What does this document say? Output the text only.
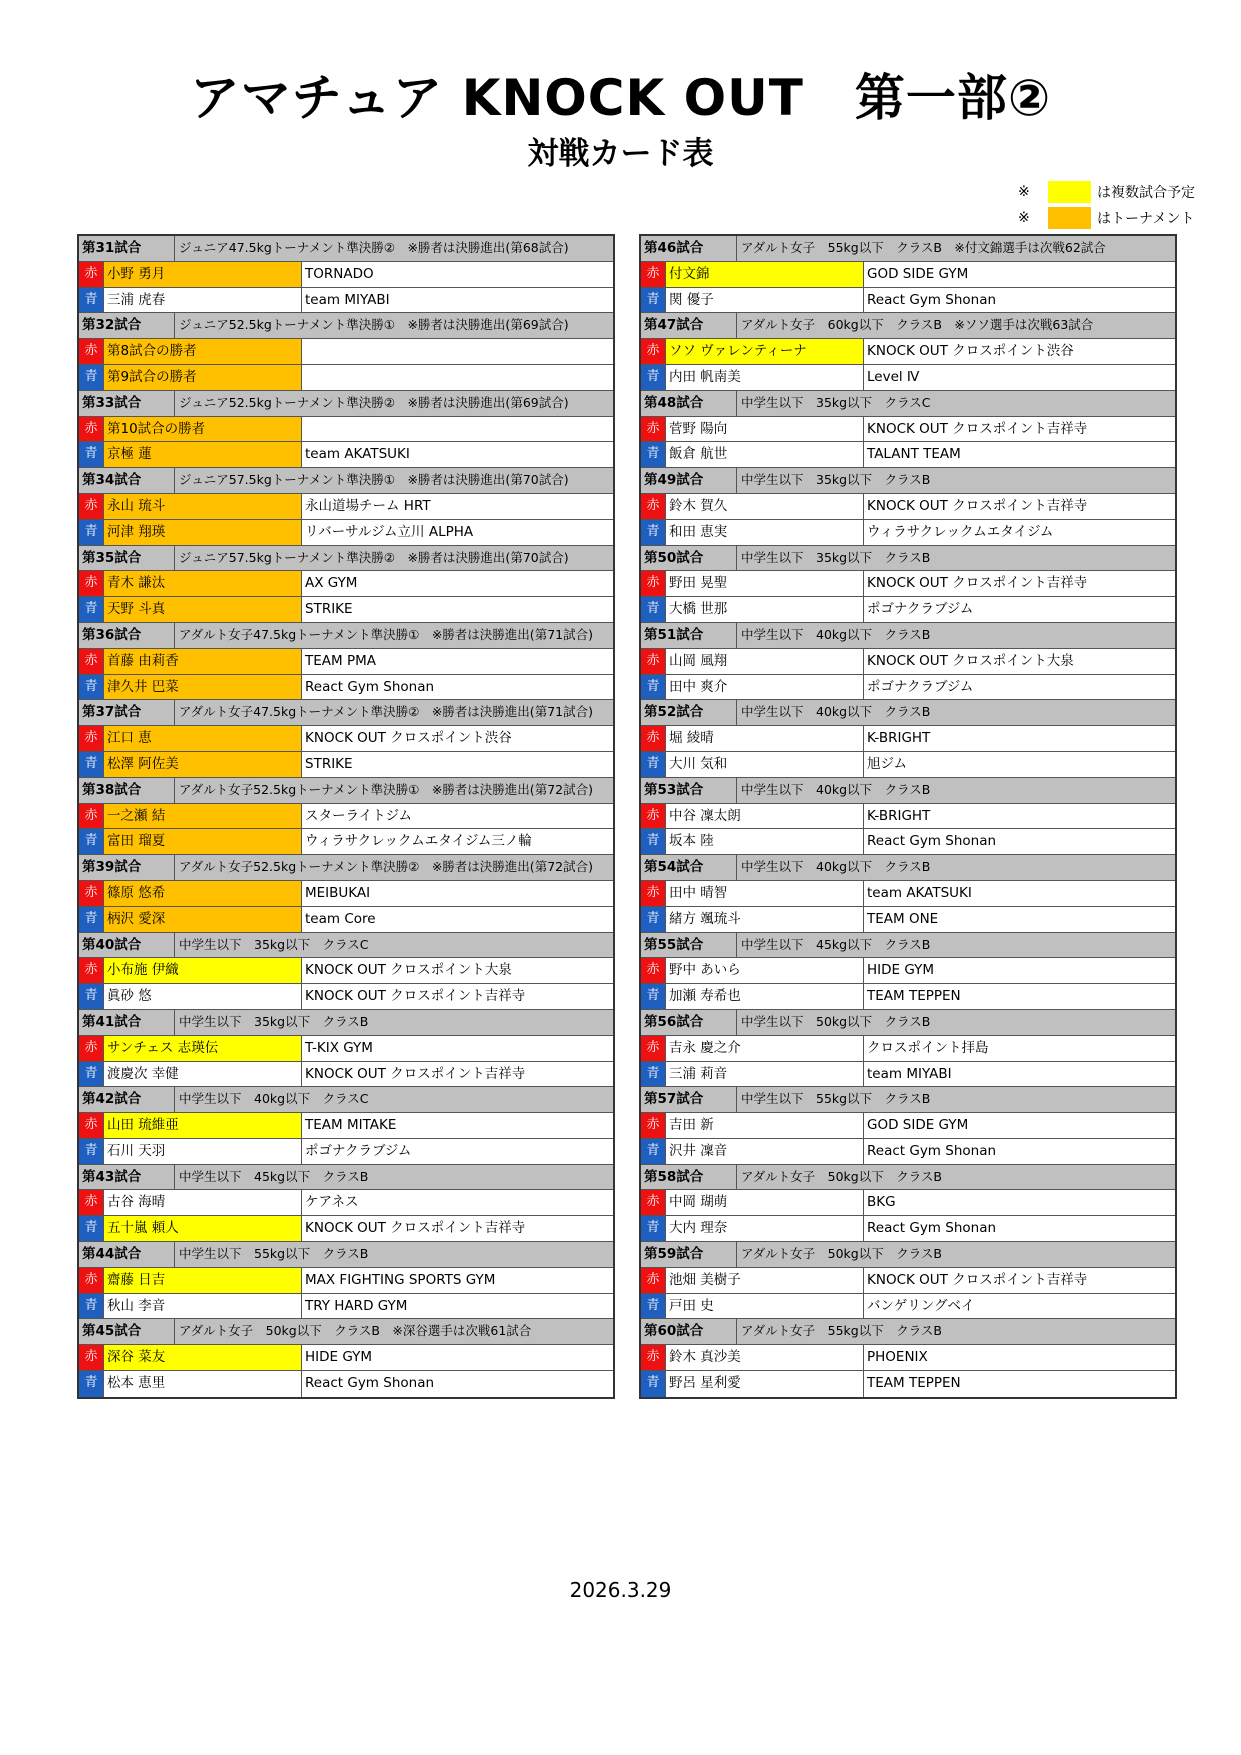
アマチュア KNOCK OUT　第一部②
対戦カード表
※	は複数試合予定
※	はトーナメント
第31試合	ジュニア47.5kgトーナメント準決勝②　※勝者は決勝進出(第68試合)
赤 小野 勇月	TORNADO
青 三浦 虎春	team MIYABI
第32試合	ジュニア52.5kgトーナメント準決勝①　※勝者は決勝進出(第69試合)
赤 第8試合の勝者
青 第9試合の勝者
第33試合	ジュニア52.5kgトーナメント準決勝②　※勝者は決勝進出(第69試合)
赤 第10試合の勝者
青 京極 蓮	team AKATSUKI
第34試合	ジュニア57.5kgトーナメント準決勝①　※勝者は決勝進出(第70試合)
赤 永山 琉斗	永山道場チーム HRT
青 河津 翔瑛	リバーサルジム立川 ALPHA
第35試合	ジュニア57.5kgトーナメント準決勝②　※勝者は決勝進出(第70試合)
赤 青木 謙汰	AX GYM
青 天野 斗真	STRIKE
第36試合	アダルト女子47.5kgトーナメント準決勝①　※勝者は決勝進出(第71試合)
赤 首藤 由莉香	TEAM PMA
青 津久井 巴菜	React Gym Shonan
第37試合	アダルト女子47.5kgトーナメント準決勝②　※勝者は決勝進出(第71試合)
赤 江口 恵	KNOCK OUT クロスポイント渋谷
青 松澤 阿佐美	STRIKE
第38試合	アダルト女子52.5kgトーナメント準決勝①　※勝者は決勝進出(第72試合)
赤 一之瀬 結	スターライトジム
青 富田 瑠夏	ウィラサクレックムエタイジム三ノ輪
第39試合	アダルト女子52.5kgトーナメント準決勝②　※勝者は決勝進出(第72試合)
赤 篠原 悠希	MEIBUKAI
青 柄沢 愛深	team Core
第40試合	中学生以下　35kg以下　クラスC
赤 小布施 伊織	KNOCK OUT クロスポイント大泉
青 眞砂 悠	KNOCK OUT クロスポイント吉祥寺
第41試合	中学生以下　35kg以下　クラスB
赤 サンチェス 志瑛伝	T-KIX GYM
青 渡慶次 幸健	KNOCK OUT クロスポイント吉祥寺
第42試合	中学生以下　40kg以下　クラスC
赤 山田 琉維亜	TEAM MITAKE
青 石川 天羽	ポゴナクラブジム
第43試合	中学生以下　45kg以下　クラスB
赤 古谷 海晴	ケアネス
青 五十嵐 頼人	KNOCK OUT クロスポイント吉祥寺
第44試合	中学生以下　55kg以下　クラスB
赤 齋藤 日吉	MAX FIGHTING SPORTS GYM
青 秋山 李音	TRY HARD GYM
第45試合	アダルト女子　50kg以下　クラスB　※深谷選手は次戦61試合
赤 深谷 菜友	HIDE GYM
青 松本 恵里	React Gym Shonan
第46試合	アダルト女子　55kg以下　クラスB　※付文錦選手は次戦62試合
赤 付文錦	GOD SIDE GYM
青 関 優子	React Gym Shonan
第47試合	アダルト女子　60kg以下　クラスB　※ソソ選手は次戦63試合
赤 ソソ ヴァレンティーナ	KNOCK OUT クロスポイント渋谷
青 内田 帆南美	Level Ⅳ
第48試合	中学生以下　35kg以下　クラスC
赤 菅野 陽向	KNOCK OUT クロスポイント吉祥寺
青 飯倉 航世	TALANT TEAM
第49試合	中学生以下　35kg以下　クラスB
赤 鈴木 賀久	KNOCK OUT クロスポイント吉祥寺
青 和田 恵実	ウィラサクレックムエタイジム
第50試合	中学生以下　35kg以下　クラスB
赤 野田 晃聖	KNOCK OUT クロスポイント吉祥寺
青 大橋 世那	ポゴナクラブジム
第51試合	中学生以下　40kg以下　クラスB
赤 山岡 風翔	KNOCK OUT クロスポイント大泉
青 田中 爽介	ポゴナクラブジム
第52試合	中学生以下　40kg以下　クラスB
赤 堀 綾晴	K-BRIGHT
青 大川 気和	旭ジム
第53試合	中学生以下　40kg以下　クラスB
赤 中谷 凜太朗	K-BRIGHT
青 坂本 陸	React Gym Shonan
第54試合	中学生以下　40kg以下　クラスB
赤 田中 晴智	team AKATSUKI
青 緒方 颯琉斗	TEAM ONE
第55試合	中学生以下　45kg以下　クラスB
赤 野中 あいら	HIDE GYM
青 加瀬 寿希也	TEAM TEPPEN
第56試合	中学生以下　50kg以下　クラスB
赤 吉永 慶之介	クロスポイント拝島
青 三浦 莉音	team MIYABI
第57試合	中学生以下　55kg以下　クラスB
赤 吉田 新	GOD SIDE GYM
青 沢井 凜音	React Gym Shonan
第58試合	アダルト女子　50kg以下　クラスB
赤 中岡 瑚萌	BKG
青 大内 理奈	React Gym Shonan
第59試合	アダルト女子　50kg以下　クラスB
赤 池畑 美樹子	KNOCK OUT クロスポイント吉祥寺
青 戸田 史	バンゲリングベイ
第60試合	アダルト女子　55kg以下　クラスB
赤 鈴木 真沙美	PHOENIX
青 野呂 星利愛	TEAM TEPPEN
2026.3.29
